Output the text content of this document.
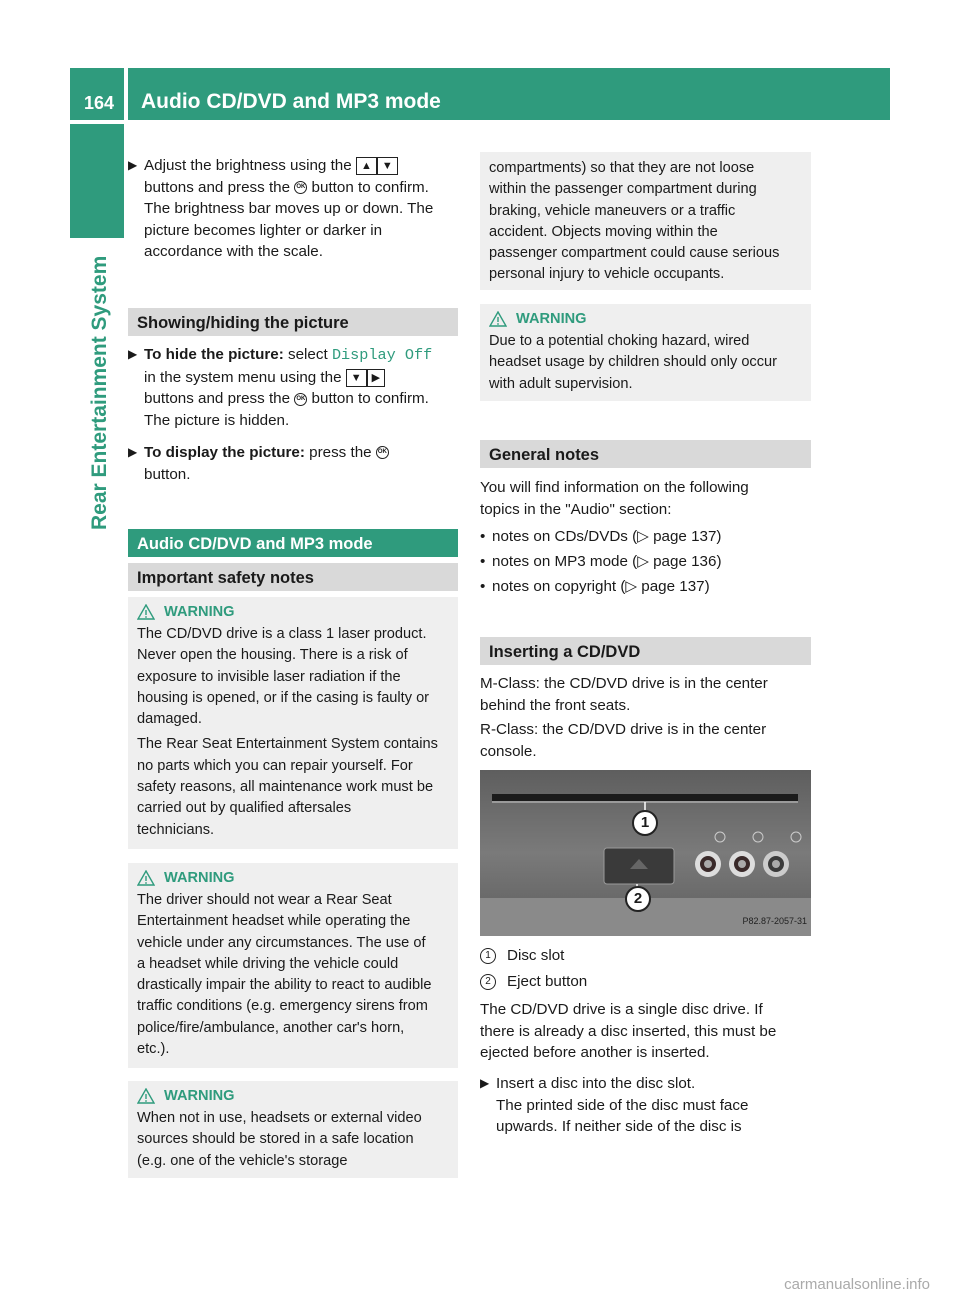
164 Audio CD/DVD and MP3 mode
Rear Entertainment System
▶ Adjust the brightness using the ▲ ▼
buttons and press the OK button to confirm.
The brightness bar moves up or down. The
picture becomes lighter or darker in
accordance with the scale.
Showing/hiding the picture
▶ To hide the picture: select Display Off
in the system menu using the ▼ ▶
buttons and press the OK button to confirm.
The picture is hidden.
▶ To display the picture: press the OK
button.
Audio CD/DVD and MP3 mode
Important safety notes
WARNING

The CD/DVD drive is a class 1 laser product.
Never open the housing. There is a risk of
exposure to invisible laser radiation if the
housing is opened, or if the casing is faulty or
damaged.

The Rear Seat Entertainment System contains
no parts which you can repair yourself. For
safety reasons, all maintenance work must be
carried out by qualified aftersales
technicians.

WARNING

The driver should not wear a Rear Seat
Entertainment headset while operating the
vehicle under any circumstances. The use of
a headset while driving the vehicle could
drastically impair the ability to react to audible
traffic conditions (e.g. emergency sirens from
police/fire/ambulance, another car's horn,
etc.).

WARNING

When not in use, headsets or external video
sources should be stored in a safe location
(e.g. one of the vehicle's storage

compartments) so that they are not loose
within the passenger compartment during
braking, vehicle maneuvers or a traffic
accident. Objects moving within the
passenger compartment could cause serious
personal injury to vehicle occupants.

WARNING

Due to a potential choking hazard, wired
headset usage by children should only occur
with adult supervision.

General notes
You will find information on the following
topics in the "Audio" section:
• notes on CDs/DVDs (▷ page 137)
• notes on MP3 mode (▷ page 136)
• notes on copyright (▷ page 137)
Inserting a CD/DVD
M-Class: the CD/DVD drive is in the center
behind the front seats.
R-Class: the CD/DVD drive is in the center
console.
1
2
P82.87-2057-31
1	Disc slot
2	Eject button
The CD/DVD drive is a single disc drive. If
there is already a disc inserted, this must be
ejected before another is inserted.
▶ Insert a disc into the disc slot.
The printed side of the disc must face
upwards. If neither side of the disc is
carmanualsonline.info
